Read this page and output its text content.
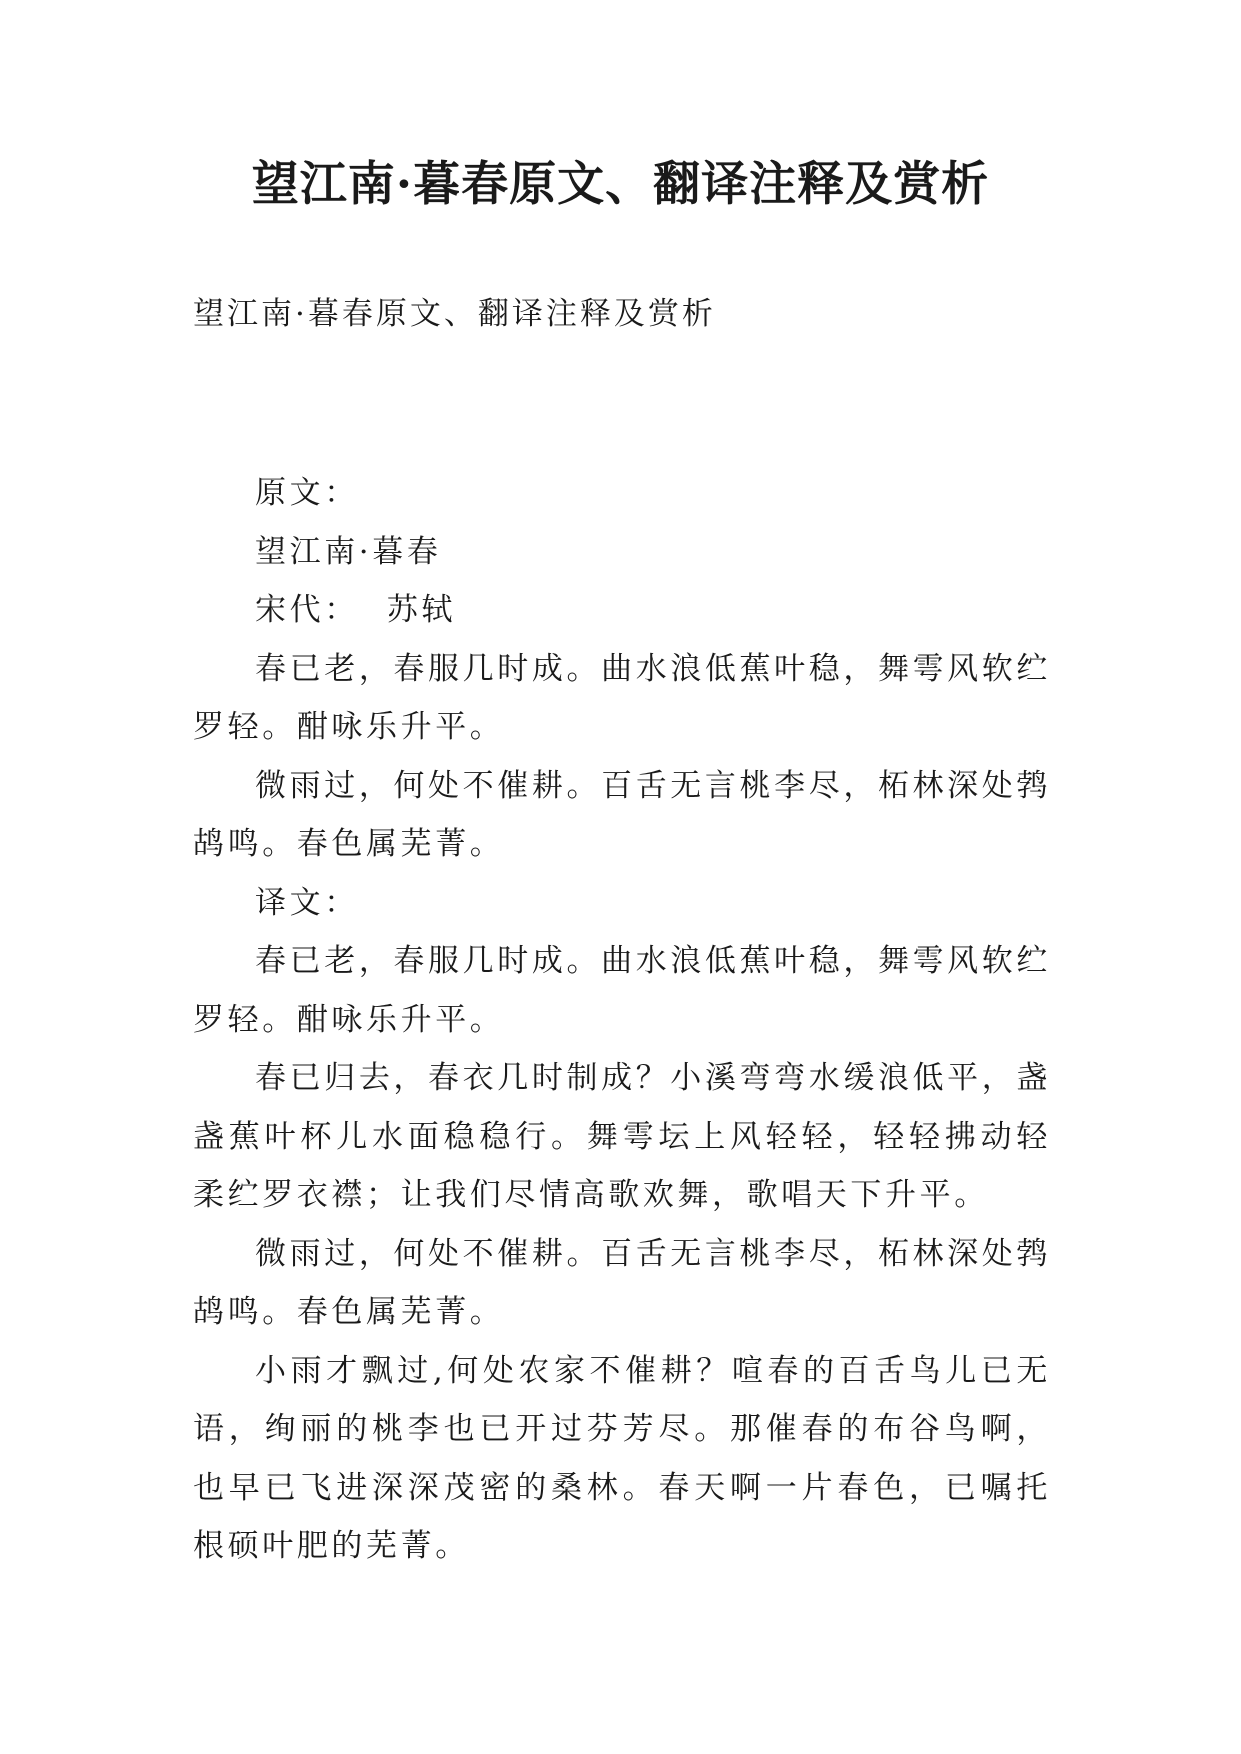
望江南·暮春原文、翻译注释及赏析

望江南·暮春原文、翻译注释及赏析

原文：

望江南·暮春

宋代： 苏轼

春已老，春服几时成。曲水浪低蕉叶稳，舞雩风软纻罗轻。酣咏乐升平。

微雨过，何处不催耕。百舌无言桃李尽，柘林深处鹁鸪鸣。春色属芜菁。

译文：

春已老，春服几时成。曲水浪低蕉叶稳，舞雩风软纻罗轻。酣咏乐升平。

春已归去，春衣几时制成？小溪弯弯水缓浪低平，盏盏蕉叶杯儿水面稳稳行。舞雩坛上风轻轻，轻轻拂动轻柔纻罗衣襟；让我们尽情高歌欢舞，歌唱天下升平。

微雨过，何处不催耕。百舌无言桃李尽，柘林深处鹁鸪鸣。春色属芜菁。

小雨才飘过,何处农家不催耕？喧春的百舌鸟儿已无语，绚丽的桃李也已开过芬芳尽。那催春的布谷鸟啊，也早已飞进深深茂密的桑林。春天啊一片春色，已嘱托根硕叶肥的芜菁。
